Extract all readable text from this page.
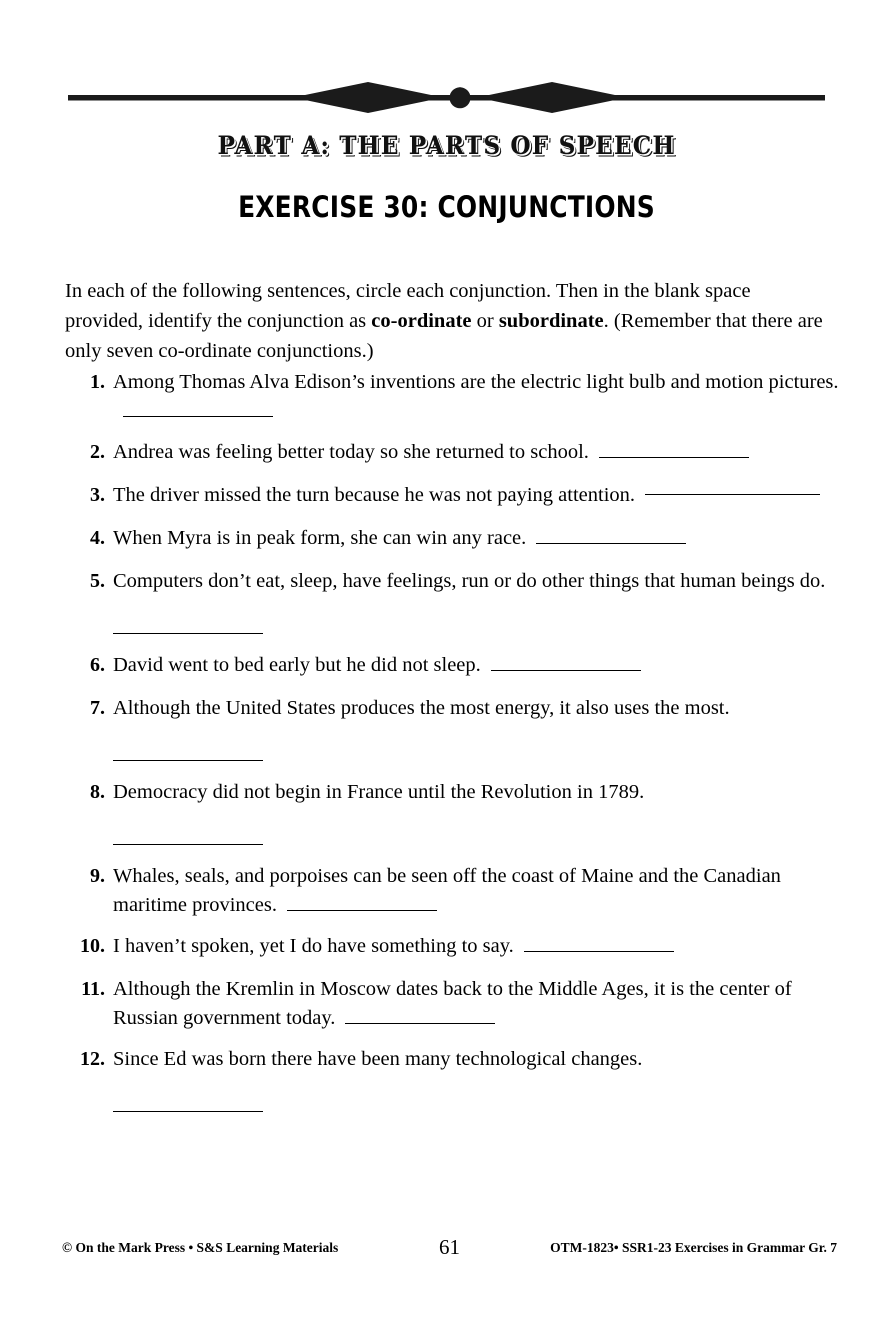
PART A: THE PARTS OF SPEECH
EXERCISE 30: CONJUNCTIONS

In each of the following sentences, circle each conjunction. Then in the blank space provided, identify the conjunction as co-ordinate or subordinate. (Remember that there are only seven co-ordinate conjunctions.)

1. Among Thomas Alva Edison’s inventions are the electric light bulb and motion pictures.
2. Andrea was feeling better today so she returned to school.
3. The driver missed the turn because he was not paying attention.
4. When Myra is in peak form, she can win any race.
5. Computers don’t eat, sleep, have feelings, run or do other things that human beings do.
6. David went to bed early but he did not sleep.
7. Although the United States produces the most energy, it also uses the most.
8. Democracy did not begin in France until the Revolution in 1789.
9. Whales, seals, and porpoises can be seen off the coast of Maine and the Canadian maritime provinces.
10. I haven’t spoken, yet I do have something to say.
11. Although the Kremlin in Moscow dates back to the Middle Ages, it is the center of Russian government today.
12. Since Ed was born there have been many technological changes.
© On the Mark Press • S&S Learning Materials	61	OTM-1823• SSR1-23 Exercises in Grammar Gr. 7
